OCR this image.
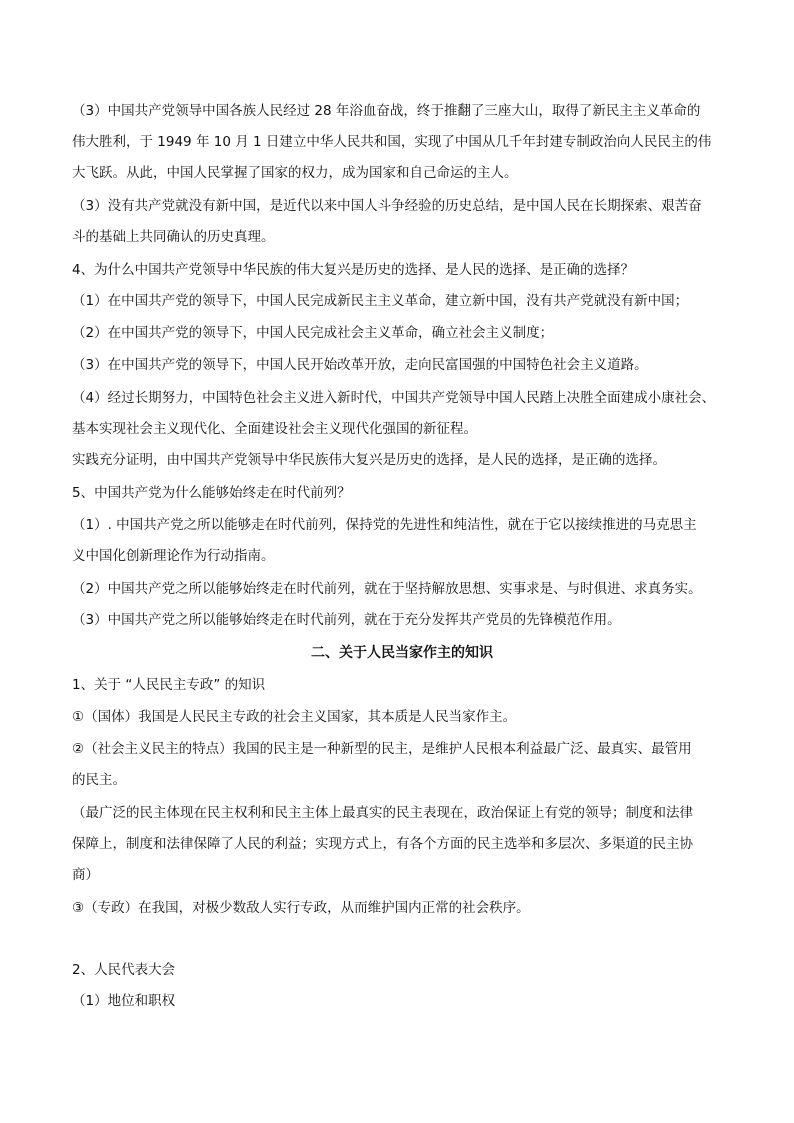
（3）中国共产党领导中国各族人民经过 28 年浴血奋战，终于推翻了三座大山，取得了新民主主义革命的
伟大胜利，于 1949 年 10 月 1 日建立中华人民共和国，实现了中国从几千年封建专制政治向人民民主的伟
大飞跃。从此，中国人民掌握了国家的权力，成为国家和自己命运的主人。
（3）没有共产党就没有新中国，是近代以来中国人斗争经验的历史总结，是中国人民在长期探索、艰苦奋
斗的基础上共同确认的历史真理。
4、为什么中国共产党领导中华民族的伟大复兴是历史的选择、是人民的选择、是正确的选择？
（1）在中国共产党的领导下，中国人民完成新民主主义革命，建立新中国，没有共产党就没有新中国；
（2）在中国共产党的领导下，中国人民完成社会主义革命，确立社会主义制度；
（3）在中国共产党的领导下，中国人民开始改革开放，走向民富国强的中国特色社会主义道路。
（4）经过长期努力，中国特色社会主义进入新时代，中国共产党领导中国人民踏上决胜全面建成小康社会、
基本实现社会主义现代化、全面建设社会主义现代化强国的新征程。
实践充分证明，由中国共产党领导中华民族伟大复兴是历史的选择，是人民的选择，是正确的选择。
5、中国共产党为什么能够始终走在时代前列？
（1）. 中国共产党之所以能够走在时代前列，保持党的先进性和纯洁性，就在于它以接续推进的马克思主
义中国化创新理论作为行动指南。
（2）中国共产党之所以能够始终走在时代前列，就在于坚持解放思想、实事求是、与时俱进、求真务实。
（3）中国共产党之所以能够始终走在时代前列，就在于充分发挥共产党员的先锋模范作用。
二、关于人民当家作主的知识
1、关于 “人民民主专政” 的知识
①（国体）我国是人民民主专政的社会主义国家，其本质是人民当家作主。
②（社会主义民主的特点）我国的民主是一种新型的民主，是维护人民根本利益最广泛、最真实、最管用
的民主。
（最广泛的民主体现在民主权利和民主主体上最真实的民主表现在，政治保证上有党的领导；制度和法律
保障上，制度和法律保障了人民的利益；实现方式上，有各个方面的民主选举和多层次、多渠道的民主协
商）
③（专政）在我国，对极少数敌人实行专政，从而维护国内正常的社会秩序。
2、人民代表大会
（1）地位和职权
